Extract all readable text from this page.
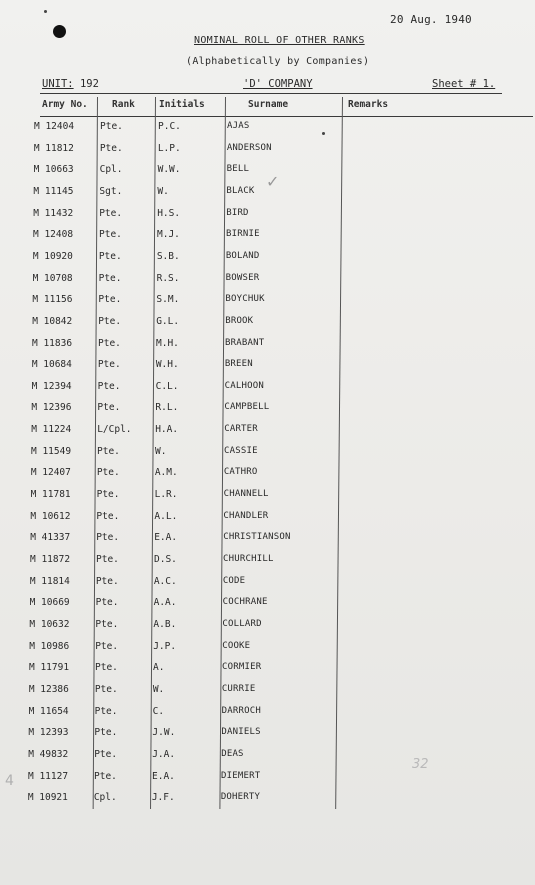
20 Aug. 1940
NOMINAL ROLL OF OTHER RANKS
(Alphabetically by Companies)
UNIT: 192	'D' COMPANY	Sheet # 1.
Army No.	Rank	Initials	Surname	Remarks
M 12404	Pte.	P.C.	AJAS
M 11812	Pte.	L.P.	ANDERSON
M 10663	Cpl.	W.W.	BELL
M 11145	Sgt.	W.	BLACK
M 11432	Pte.	H.S.	BIRD
M 12408	Pte.	M.J.	BIRNIE
M 10920	Pte.	S.B.	BOLAND
M 10708	Pte.	R.S.	BOWSER
M 11156	Pte.	S.M.	BOYCHUK
M 10842	Pte.	G.L.	BROOK
M 11836	Pte.	M.H.	BRABANT
M 10684	Pte.	W.H.	BREEN
M 12394	Pte.	C.L.	CALHOON
M 12396	Pte.	R.L.	CAMPBELL
M 11224	L/Cpl. H.A.	CARTER
M 11549	Pte.	W.	CASSIE
M 12407	Pte.	A.M.	CATHRO
M 11781	Pte.	L.R.	CHANNELL
M 10612	Pte.	A.L.	CHANDLER
M 41337	Pte.	E.A.	CHRISTIANSON
M 11872	Pte.	D.S.	CHURCHILL
M 11814	Pte.	A.C.	CODE
M 10669	Pte.	A.A.	COCHRANE
M 10632	Pte.	A.B.	COLLARD
M 10986	Pte.	J.P.	COOKE
M 11791	Pte.	A.	CORMIER
M 12386	Pte.	W.	CURRIE
M 11654	Pte.	C.	DARROCH
M 12393	Pte.	J.W.	DANIELS
M 49832	Pte.	J.A.	DEAS
M 11127	Pte.	E.A.	DIEMERT
M 10921	Cpl.	J.F.	DOHERTY
✓
32
4
